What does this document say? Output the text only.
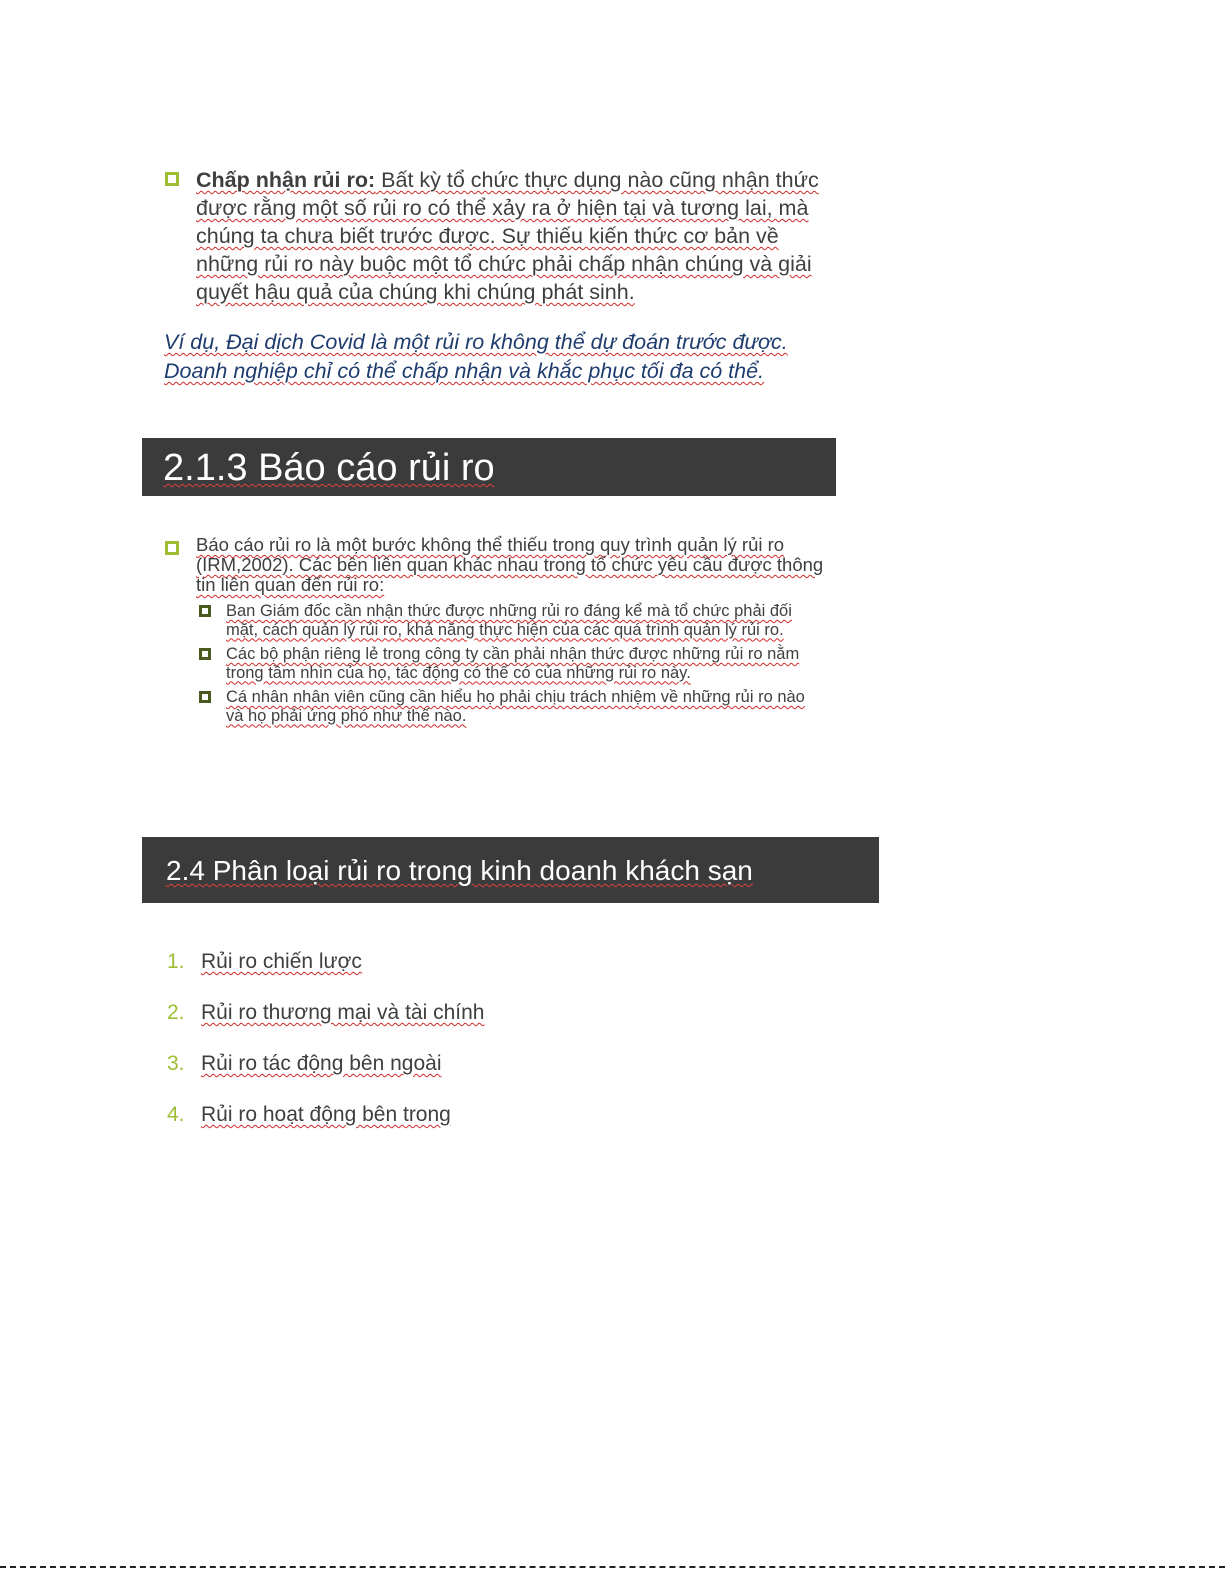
Chấp nhận rủi ro: Bất kỳ tổ chức thực dụng nào cũng nhận thức được rằng một số rủi ro có thể xảy ra ở hiện tại và tương lai, mà chúng ta chưa biết trước được. Sự thiếu kiến thức cơ bản về những rủi ro này buộc một tổ chức phải chấp nhận chúng và giải quyết hậu quả của chúng khi chúng phát sinh.
Ví dụ, Đại dịch Covid là một rủi ro không thể dự đoán trước được. Doanh nghiệp chỉ có thể chấp nhận và khắc phục tối đa có thể.
2.1.3 Báo cáo rủi ro
Báo cáo rủi ro là một bước không thể thiếu trong quy trình quản lý rủi ro (IRM,2002). Các bên liên quan khác nhau trong tổ chức yêu cầu được thông tin liên quan đến rủi ro:
Ban Giám đốc cần nhận thức được những rủi ro đáng kể mà tổ chức phải đối mặt, cách quản lý rủi ro, khả năng thực hiện của các quá trình quản lý rủi ro.
Các bộ phận riêng lẻ trong công ty cần phải nhận thức được những rủi ro nằm trong tầm nhìn của họ, tác động có thể có của những rủi ro này.
Cá nhân nhân viên cũng cần hiểu họ phải chịu trách nhiệm về những rủi ro nào và họ phải ứng phó như thế nào.
2.4 Phân loại rủi ro trong kinh doanh khách sạn
1. Rủi ro chiến lược
2. Rủi ro thương mại và tài chính
3. Rủi ro tác động bên ngoài
4. Rủi ro hoạt động bên trong
